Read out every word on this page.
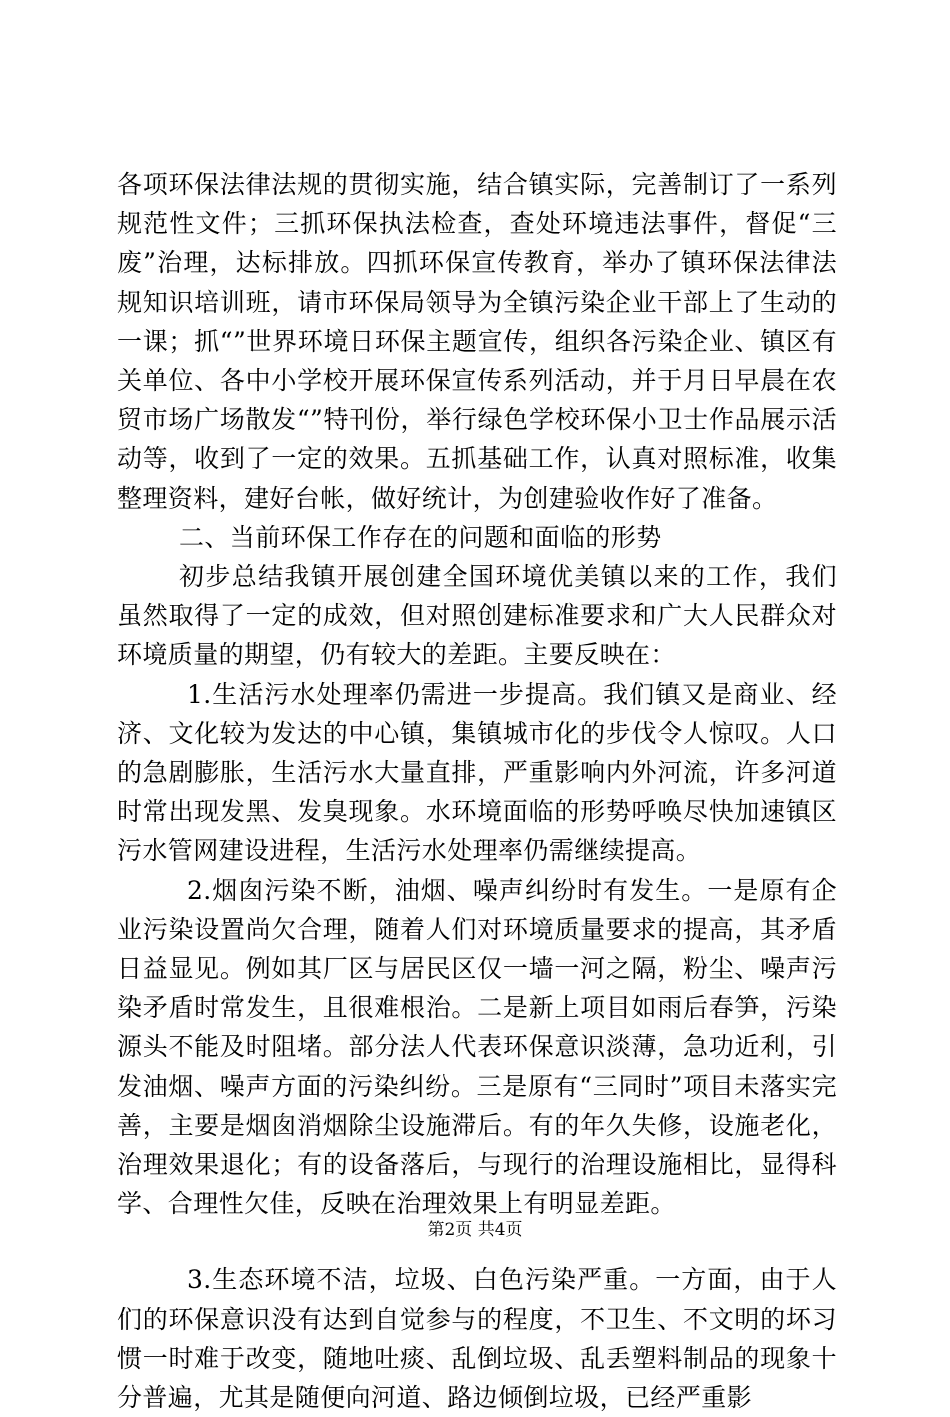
各项环保法律法规的贯彻实施，结合镇实际，完善制订了一系列规范性文件；三抓环保执法检查，查处环境违法事件，督促“三废”治理，达标排放。四抓环保宣传教育，举办了镇环保法律法规知识培训班，请市环保局领导为全镇污染企业干部上了生动的一课；抓“”世界环境日环保主题宣传，组织各污染企业、镇区有关单位、各中小学校开展环保宣传系列活动，并于月日早晨在农贸市场广场散发“”特刊份，举行绿色学校环保小卫士作品展示活动等，收到了一定的效果。五抓基础工作，认真对照标准，收集整理资料，建好台帐，做好统计，为创建验收作好了准备。

二、当前环保工作存在的问题和面临的形势

初步总结我镇开展创建全国环境优美镇以来的工作，我们虽然取得了一定的成效，但对照创建标准要求和广大人民群众对环境质量的期望，仍有较大的差距。主要反映在：

1.生活污水处理率仍需进一步提高。我们镇又是商业、经济、文化较为发达的中心镇，集镇城市化的步伐令人惊叹。人口的急剧膨胀，生活污水大量直排，严重影响内外河流，许多河道时常出现发黑、发臭现象。水环境面临的形势呼唤尽快加速镇区污水管网建设进程，生活污水处理率仍需继续提高。

2.烟囱污染不断，油烟、噪声纠纷时有发生。一是原有企业污染设置尚欠合理，随着人们对环境质量要求的提高，其矛盾日益显见。例如其厂区与居民区仅一墙一河之隔，粉尘、噪声污染矛盾时常发生，且很难根治。二是新上项目如雨后春笋，污染源头不能及时阻堵。部分法人代表环保意识淡薄，急功近利，引发油烟、噪声方面的污染纠纷。三是原有“三同时”项目未落实完善，主要是烟囱消烟除尘设施滞后。有的年久失修，设施老化，治理效果退化；有的设备落后，与现行的治理设施相比，显得科学、合理性欠佳，反映在治理效果上有明显差距。

3.生态环境不洁，垃圾、白色污染严重。一方面，由于人们的环保意识没有达到自觉参与的程度，不卫生、不文明的坏习惯一时难于改变，随地吐痰、乱倒垃圾、乱丢塑料制品的现象十分普遍，尤其是随便向河道、路边倾倒垃圾，已经严重影

第2页 共4页
